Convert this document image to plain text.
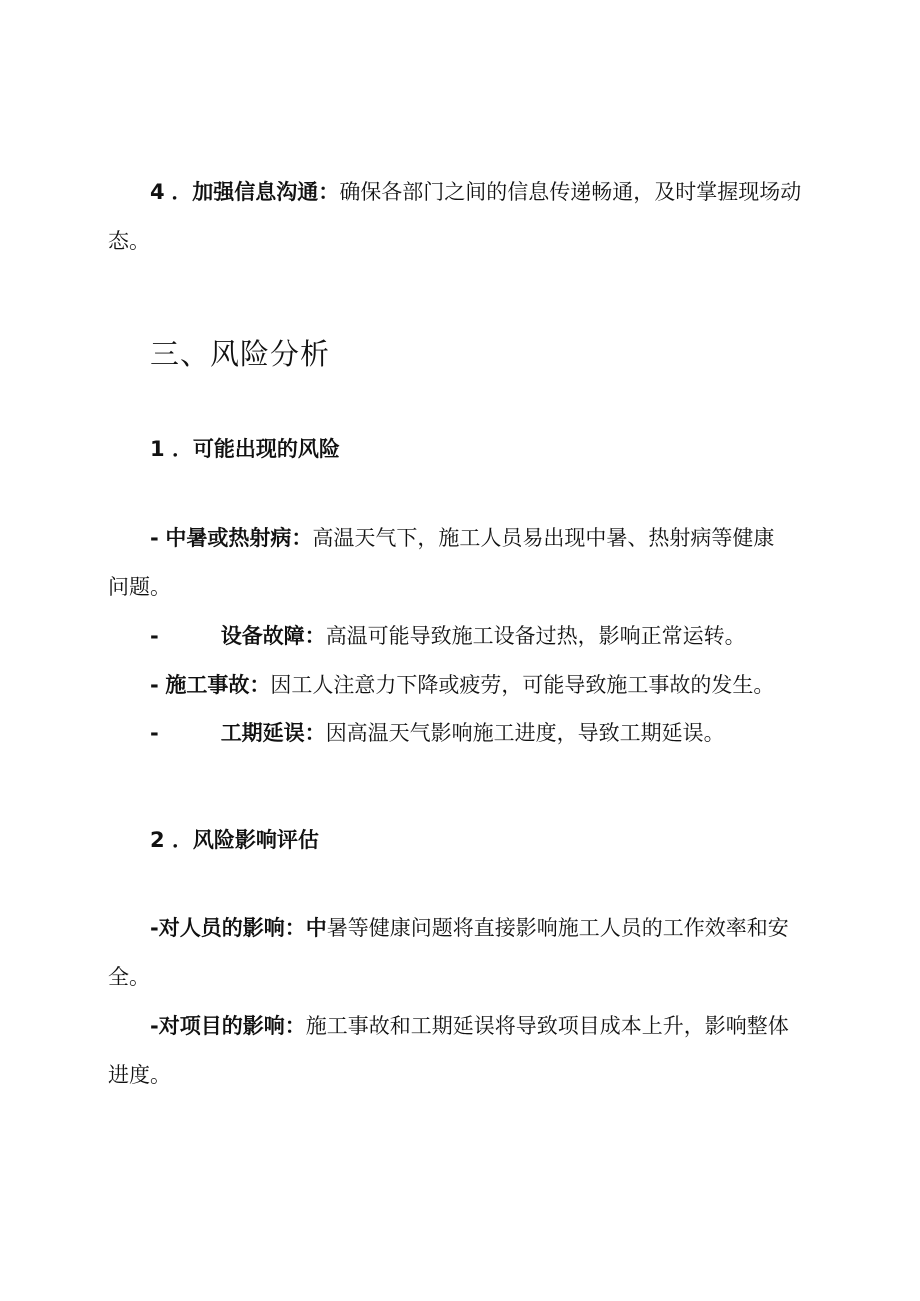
4 ．加强信息沟通：确保各部门之间的信息传递畅通，及时掌握现场动
态。
三、风险分析
1 ．可能出现的风险
- 中暑或热射病：高温天气下，施工人员易出现中暑、热射病等健康
问题。
-	设备故障：高温可能导致施工设备过热，影响正常运转。
- 施工事故：因工人注意力下降或疲劳，可能导致施工事故的发生。
-	工期延误：因高温天气影响施工进度，导致工期延误。
2 ．风险影响评估
-对人员的影响：中暑等健康问题将直接影响施工人员的工作效率和安
全。
-对项目的影响：施工事故和工期延误将导致项目成本上升，影响整体
进度。
